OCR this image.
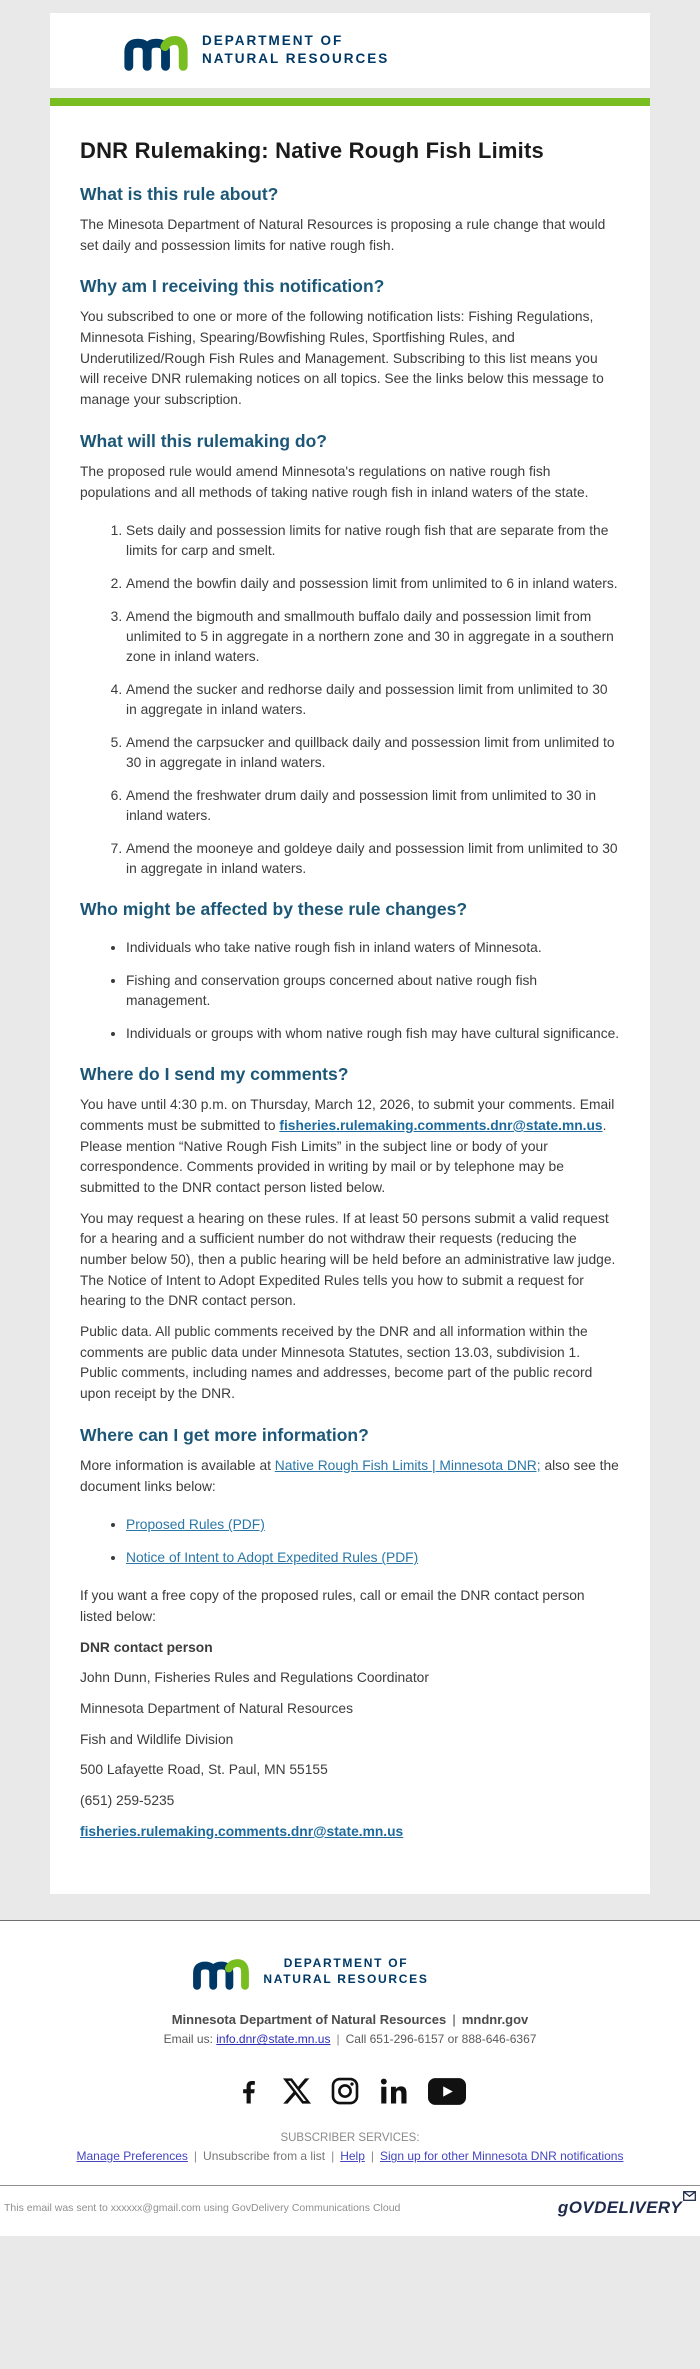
DEPARTMENT OF
NATURAL RESOURCES
DNR Rulemaking: Native Rough Fish Limits
What is this rule about?

The Minesota Department of Natural Resources is proposing a rule change that would set daily and possession limits for native rough fish.

Why am I receiving this notification?

You subscribed to one or more of the following notification lists: Fishing Regulations, Minnesota Fishing, Spearing/Bowfishing Rules, Sportfishing Rules, and Underutilized/Rough Fish Rules and Management. Subscribing to this list means you will receive DNR rulemaking notices on all topics. See the links below this message to manage your subscription.

What will this rulemaking do?

The proposed rule would amend Minnesota's regulations on native rough fish populations and all methods of taking native rough fish in inland waters of the state.

1. Sets daily and possession limits for native rough fish that are separate from the limits for carp and smelt.
2. Amend the bowfin daily and possession limit from unlimited to 6 in inland waters.
3. Amend the bigmouth and smallmouth buffalo daily and possession limit from unlimited to 5 in aggregate in a northern zone and 30 in aggregate in a southern zone in inland waters.
4. Amend the sucker and redhorse daily and possession limit from unlimited to 30 in aggregate in inland waters.
5. Amend the carpsucker and quillback daily and possession limit from unlimited to 30 in aggregate in inland waters.
6. Amend the freshwater drum daily and possession limit from unlimited to 30 in inland waters.
7. Amend the mooneye and goldeye daily and possession limit from unlimited to 30 in aggregate in inland waters.
Who might be affected by these rule changes?
• Individuals who take native rough fish in inland waters of Minnesota.
• Fishing and conservation groups concerned about native rough fish management.
• Individuals or groups with whom native rough fish may have cultural significance.
Where do I send my comments?

You have until 4:30 p.m. on Thursday, March 12, 2026, to submit your comments. Email comments must be submitted to fisheries.rulemaking.comments.dnr@state.mn.us. Please mention “Native Rough Fish Limits” in the subject line or body of your correspondence. Comments provided in writing by mail or by telephone may be submitted to the DNR contact person listed below.

You may request a hearing on these rules. If at least 50 persons submit a valid request for a hearing and a sufficient number do not withdraw their requests (reducing the number below 50), then a public hearing will be held before an administrative law judge. The Notice of Intent to Adopt Expedited Rules tells you how to submit a request for hearing to the DNR contact person.

Public data. All public comments received by the DNR and all information within the comments are public data under Minnesota Statutes, section 13.03, subdivision 1. Public comments, including names and addresses, become part of the public record upon receipt by the DNR.

Where can I get more information?

More information is available at Native Rough Fish Limits | Minnesota DNR; also see the document links below:

• Proposed Rules (PDF)
• Notice of Intent to Adopt Expedited Rules (PDF)

If you want a free copy of the proposed rules, call or email the DNR contact person listed below:

DNR contact person

John Dunn, Fisheries Rules and Regulations Coordinator

Minnesota Department of Natural Resources

Fish and Wildlife Division

500 Lafayette Road, St. Paul, MN 55155

(651) 259-5235

fisheries.rulemaking.comments.dnr@state.mn.us

DEPARTMENT OF
NATURAL RESOURCES
Minnesota Department of Natural Resources | mndnr.gov
Email us: info.dnr@state.mn.us | Call 651-296-6157 or 888-646-6367
SUBSCRIBER SERVICES:
Manage Preferences | Unsubscribe from a list | Help | Sign up for other Minnesota DNR notifications
This email was sent to xxxxxx@gmail.com using GovDelivery Communications Cloud	gOVDELIVERY
